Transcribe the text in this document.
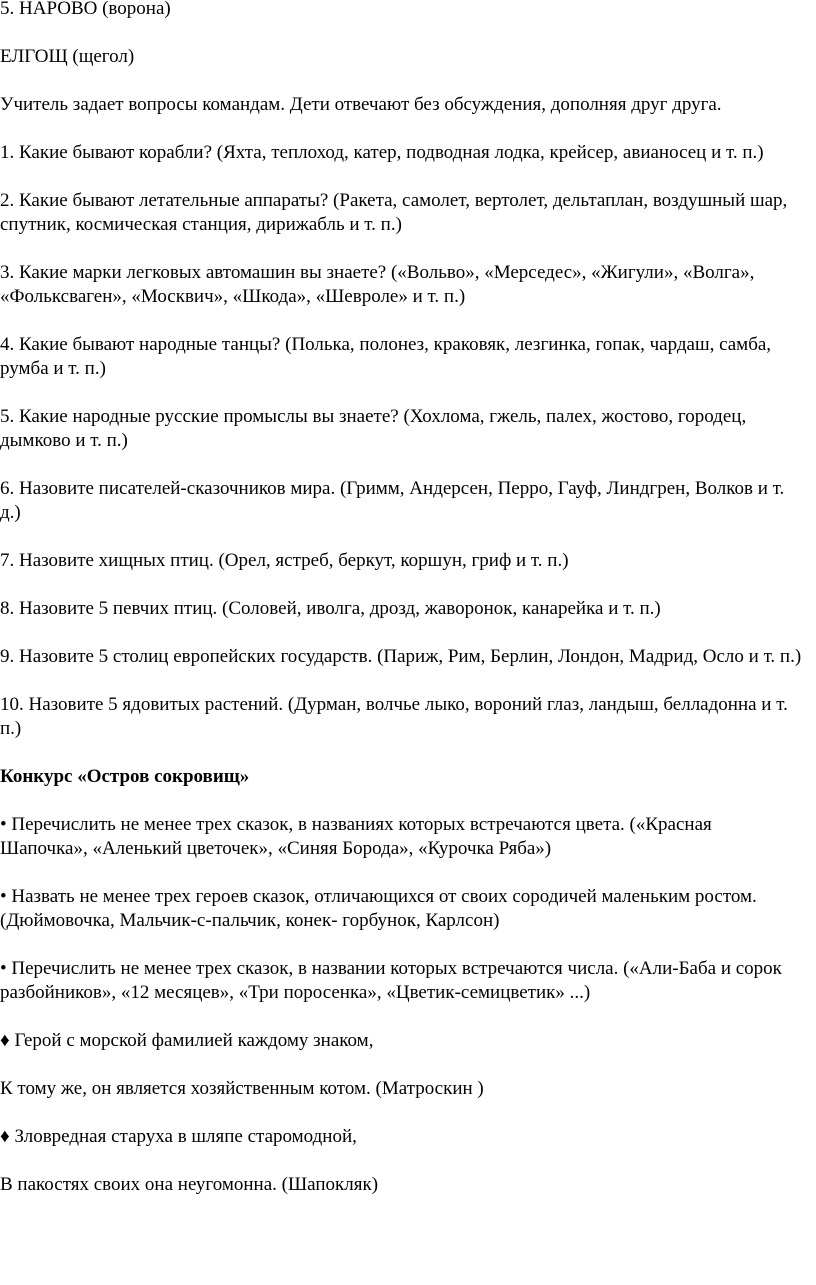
5. НАРОВО (ворона)

ЕЛГОЩ (щегол)

Учитель задает вопросы командам. Дети отвечают без обсуждения, дополняя друг друга.

1. Какие бывают корабли? (Яхта, теплоход, катер, подводная лодка, крейсер, авианосец и т. п.)

2. Какие бывают летательные аппараты? (Ракета, самолет, вертолет, дельтаплан, воздушный шар, спутник, космическая станция, дирижабль и т. п.)

3. Какие марки легковых автомашин вы знаете? («Вольво», «Мерседес», «Жигули», «Волга», «Фольксваген», «Москвич», «Шкода», «Шевроле» и т. п.)

4. Какие бывают народные танцы? (Полька, полонез, краковяк, лезгинка, гопак, чардаш, самба, румба и т. п.)

5. Какие народные русские промыслы вы знаете? (Хохлома, гжель, палех, жостово, городец, дымково и т. п.)

6. Назовите писателей-сказочников мира. (Гримм, Андерсен, Перро, Гауф, Линдгрен, Волков и т. д.)

7. Назовите хищных птиц. (Орел, ястреб, беркут, коршун, гриф и т. п.)

8. Назовите 5 певчих птиц. (Соловей, иволга, дрозд, жаворонок, канарейка и т. п.)

9. Назовите 5 столиц европейских государств. (Париж, Рим, Берлин, Лондон, Мадрид, Осло и т. п.)

10. Назовите 5 ядовитых растений. (Дурман, волчье лыко, вороний глаз, ландыш, белладонна и т. п.)

Конкурс «Остров сокровищ»

• Перечислить не менее трех сказок, в названиях которых встречаются цвета. («Красная Шапочка», «Аленький цветочек», «Синяя Борода», «Курочка Ряба»)

• Назвать не менее трех героев сказок, отличающихся от своих сородичей маленьким ростом. (Дюймовочка, Мальчик-с-пальчик, конек- горбунок, Карлсон)

• Перечислить не менее трех сказок, в названии которых встречаются числа. («Али-Баба и сорок разбойников», «12 месяцев», «Три поросенка», «Цветик-семицветик» ...)

♦ Герой с морской фамилией каждому знаком,

К тому же, он является хозяйственным котом. (Матроскин )

♦ Зловредная старуха в шляпе старомодной,

В пакостях своих она неугомонна. (Шапокляк)
